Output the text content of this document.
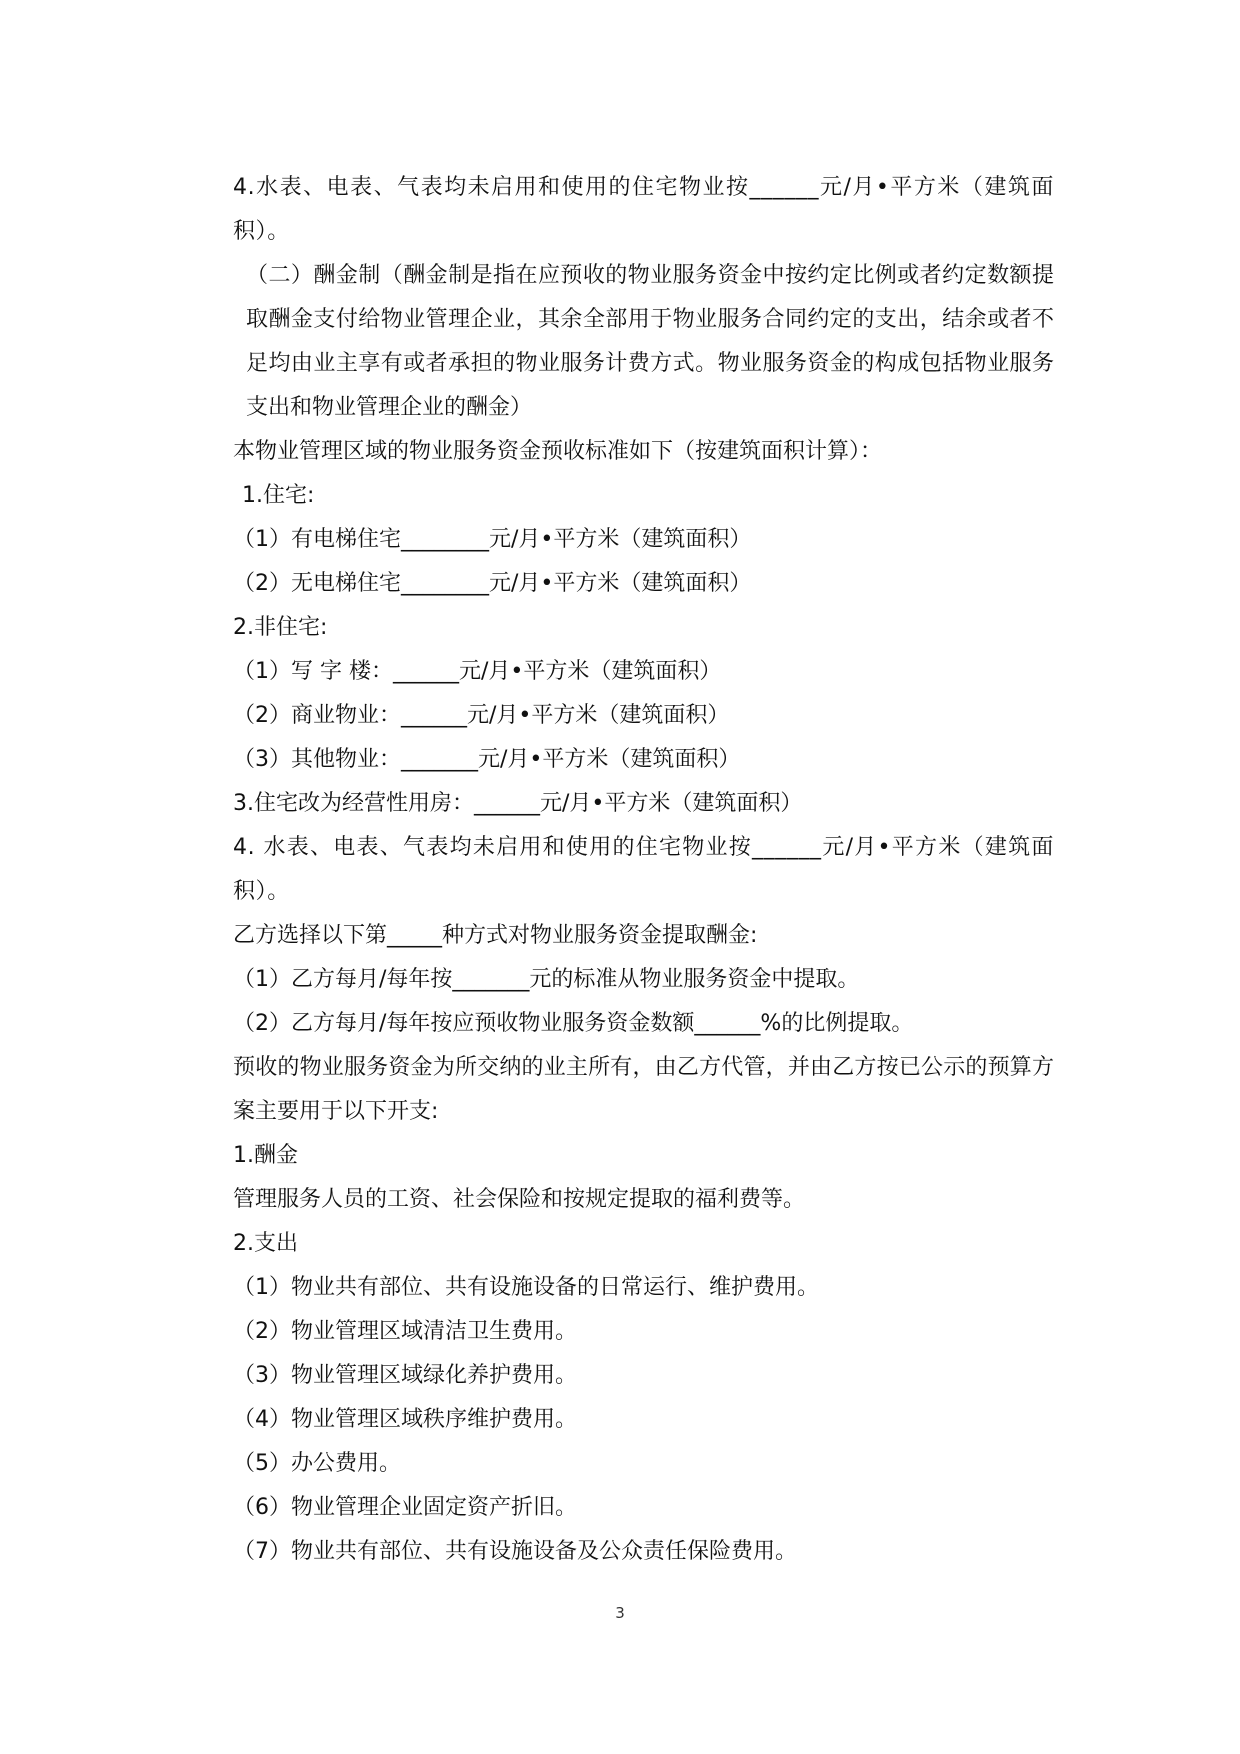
4.水表、电表、气表均未启用和使用的住宅物业按______元/月•平方米（建筑面积）。

（二）酬金制（酬金制是指在应预收的物业服务资金中按约定比例或者约定数额提取酬金支付给物业管理企业，其余全部用于物业服务合同约定的支出，结余或者不足均由业主享有或者承担的物业服务计费方式。物业服务资金的构成包括物业服务支出和物业管理企业的酬金）

本物业管理区域的物业服务资金预收标准如下（按建筑面积计算）：

1.住宅:

（1）有电梯住宅________元/月•平方米（建筑面积）

（2）无电梯住宅________元/月•平方米（建筑面积）

2.非住宅:

（1）写 字 楼：______元/月•平方米（建筑面积）

（2）商业物业：______元/月•平方米（建筑面积）

（3）其他物业：_______元/月•平方米（建筑面积）

3.住宅改为经营性用房：______元/月•平方米（建筑面积）

4. 水表、电表、气表均未启用和使用的住宅物业按______元/月•平方米（建筑面积）。

乙方选择以下第_____种方式对物业服务资金提取酬金:

（1）乙方每月/每年按_______元的标准从物业服务资金中提取。

（2）乙方每月/每年按应预收物业服务资金数额______%的比例提取。

预收的物业服务资金为所交纳的业主所有，由乙方代管，并由乙方按已公示的预算方案主要用于以下开支:

1.酬金

管理服务人员的工资、社会保险和按规定提取的福利费等。

2.支出

（1）物业共有部位、共有设施设备的日常运行、维护费用。

（2）物业管理区域清洁卫生费用。

（3）物业管理区域绿化养护费用。

（4）物业管理区域秩序维护费用。

（5）办公费用。

（6）物业管理企业固定资产折旧。

（7）物业共有部位、共有设施设备及公众责任保险费用。

3
